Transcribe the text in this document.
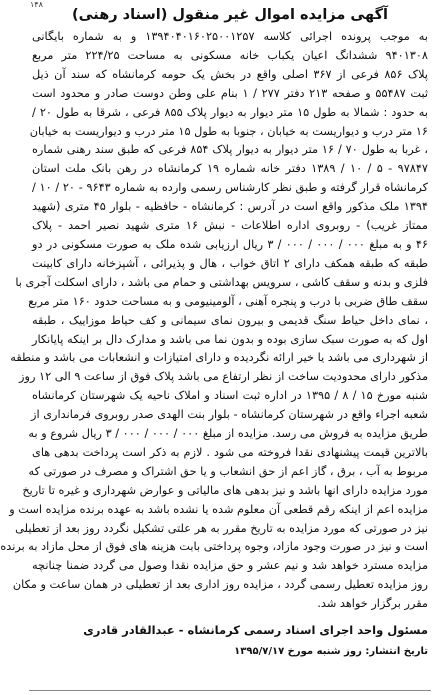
۱۴۸
آگهی مزایده اموال غیر منقول (اسناد رهنی)
به موجب پرونده اجرائی کلاسه ۱۳۹۴۰۴۰۱۶۰۲۵۰۰۱۲۵۷ و به شماره بایگانی
۹۴۰۱۳۰۸ ششدانگ اعیان یکباب خانه مسکونی به مساحت ۲۲۴/۲۵ متر مربع
پلاک ۸۵۶ فرعی از ۳۶۷ اصلی واقع در بخش یک حومه کرمانشاه که سند آن ذیل
ثبت ۵۵۴۸۷ و صفحه ۲۱۳ دفتر ۲۷۷ / ۱ بنام علی وطن دوست صادر و محدود است
به حدود : شمالا به طول ۱۵ متر دیوار به دیوار پلاک ۸۵۵ فرعی ، شرقا به طول ۲۰ /
۱۶ متر درب و دیواریست به خیابان ، جنوبا به طول ۱۵ متر درب و دیواریست به خیابان
، غربا به طول ۷۰ / ۱۶ متر دیوار به دیوار پلاک ۸۵۴ فرعی که طبق سند رهنی شماره
۹۷۸۴۷ - ۵ / ۱۰ / ۱۳۸۹ دفتر خانه شماره ۱۹ کرمانشاه در رهن بانک ملت استان
کرمانشاه قرار گرفته و طبق نظر کارشناس رسمی وارده به شماره ۹۶۴۳ - ۲۰ / ۱۰ /
۱۳۹۴ ملک مذکور واقع است در آدرس : کرمانشاه - حافظیه - بلوار ۴۵ متری (شهید
ممتاز غریب) - روبروی اداره اطلاعات - نبش ۱۶ متری شهید نصیر احمد - پلاک
۴۶ و به مبلغ ۰۰۰ / ۰۰۰ / ۰۰۰ / ۳ ریال ارزیابی شده ملک به صورت مسکونی در دو
طبقه که طبقه همکف دارای ۲ اتاق خواب ، هال و پذیرائی ، آشپزخانه دارای کابینت
فلزی و بدنه و سقف کاشی ، سرویس بهداشتی و حمام می باشد ، دارای اسکلت آجری با
سقف طاق ضربی با درب و پنجره آهنی ، آلومینیومی و به مساحت حدود ۱۶۰ متر مربع
، نمای داخل حیاط سنگ قدیمی و بیرون نمای سیمانی و کف حیاط موزاییک ، طبقه
اول که به صورت سبک سازی بوده و بدون نما می باشد و مدارک دال بر اینکه پایانکار
از شهرداری می باشد یا خیر ارائه نگردیده و دارای امتیازات و انشعابات می باشد و منطقه
مذکور دارای محدودیت ساخت از نظر ارتفاع می باشد پلاک فوق از ساعت ۹ الی ۱۲ روز
شنبه مورخ ۱۵ / ۸ / ۱۳۹۵ در اداره ثبت اسناد و املاک ناحیه یک شهرستان کرمانشاه
شعبه اجراء واقع در شهرستان کرمانشاه - بلوار بنت الهدی صدر روبروی فرمانداری از
طریق مزایده به فروش می رسد. مزایده از مبلغ ۰۰۰ / ۰۰۰ / ۰۰۰ / ۳ ریال شروع و به
بالاترین قیمت پیشنهادی نقدا فروخته می شود . لازم به ذکر است پرداخت بدهی های
مربوط به آب ، برق ، گاز اعم از حق انشعاب و یا حق اشتراک و مصرف در صورتی که
مورد مزایده دارای انها باشد و نیز بدهی های مالیاتی و عوارض شهرداری و غیره تا تاریخ
مزایده اعم از اینکه رقم قطعی آن معلوم شده یا نشده باشد به عهده برنده مزایده است و
نیز در صورتی که مورد مزایده به تاریخ مقرر به هر علتی تشکیل نگردد روز بعد از تعطیلی
است و نیز در صورت وجود مازاد، وجوه پرداختی بابت هزینه های فوق از محل مازاد به برنده
مزایده مسترد خواهد شد و نیم عشر و حق مزایده نقدا وصول می گردد ضمنا چنانچه
روز مزایده تعطیل رسمی گردد ، مزایده روز اداری بعد از تعطیلی در همان ساعت و مکان
مقرر برگزار خواهد شد.
مسئول واحد اجرای اسناد رسمی کرمانشاه - عبدالقادر قادری
تاریخ انتشار: روز شنبه مورخ ۱۳۹۵/۷/۱۷
